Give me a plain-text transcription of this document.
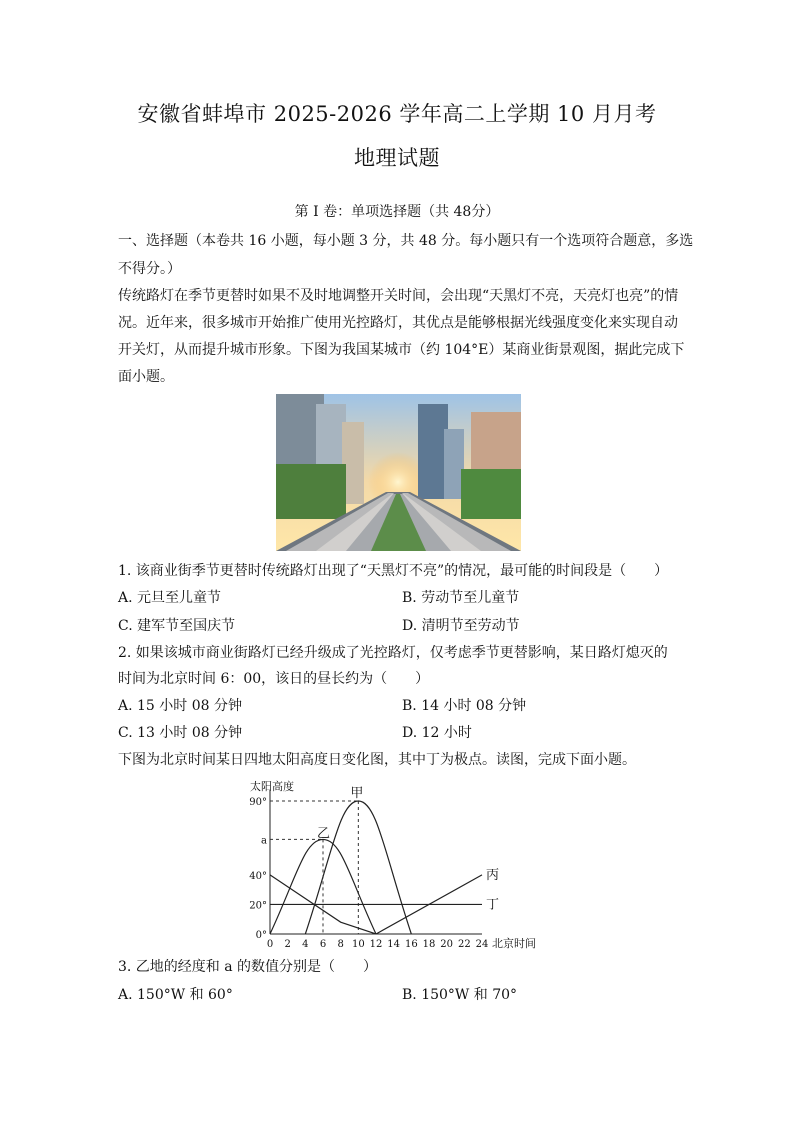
安徽省蚌埠市 2025-2026 学年高二上学期 10 月月考
地理试题
第 I 卷：单项选择题（共 48分）
一、选择题（本卷共 16 小题，每小题 3 分，共 48 分。每小题只有一个选项符合题意，多选
不得分。）
传统路灯在季节更替时如果不及时地调整开关时间，会出现“天黑灯不亮，天亮灯也亮”的情
况。近年来，很多城市开始推广使用光控路灯，其优点是能够根据光线强度变化来实现自动
开关灯，从而提升城市形象。下图为我国某城市（约 104°E）某商业街景观图，据此完成下
面小题。
1. 该商业街季节更替时传统路灯出现了“天黑灯不亮”的情况，最可能的时间段是（　　）
A. 元旦至儿童节	B. 劳动节至儿童节
C. 建军节至国庆节	D. 清明节至劳动节
2. 如果该城市商业街路灯已经升级成了光控路灯，仅考虑季节更替影响，某日路灯熄灭的
时间为北京时间 6：00，该日的昼长约为（　　）
A. 15 小时 08 分钟	B. 14 小时 08 分钟
C. 13 小时 08 分钟	D. 12 小时
下图为北京时间某日四地太阳高度日变化图，其中丁为极点。读图，完成下面小题。
太阳高度
0 2 4 6 8 10 12 14 16 18 20 22 24 北京时间
0°
20°
40°
a
90°
甲
乙
丙
丁
3. 乙地的经度和 a 的数值分别是（　　）
A. 150°W 和 60°	B. 150°W 和 70°
